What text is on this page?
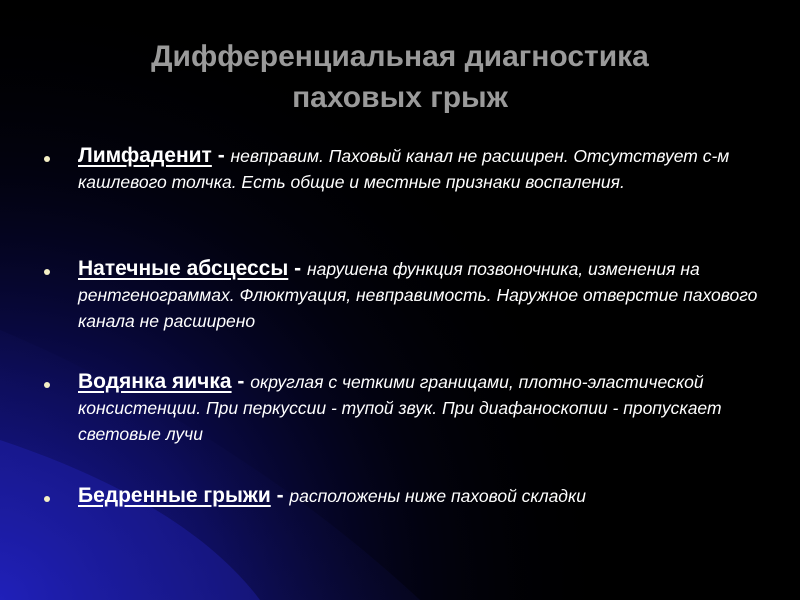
Дифференциальная диагностика
паховых грыж
Лимфаденит - невправим. Паховый канал не расширен. Отсутствует с-м кашлевого толчка. Есть общие и местные признаки воспаления.
Натечные абсцессы - нарушена функция позвоночника, изменения на рентгенограммах. Флюктуация, невправимость. Наружное отверстие пахового канала не расширено
Водянка яичка - округлая с четкими границами, плотно-эластической консистенции. При перкуссии - тупой звук. При диафаноскопии - пропускает световые лучи
Бедренные грыжи - расположены ниже паховой складки
